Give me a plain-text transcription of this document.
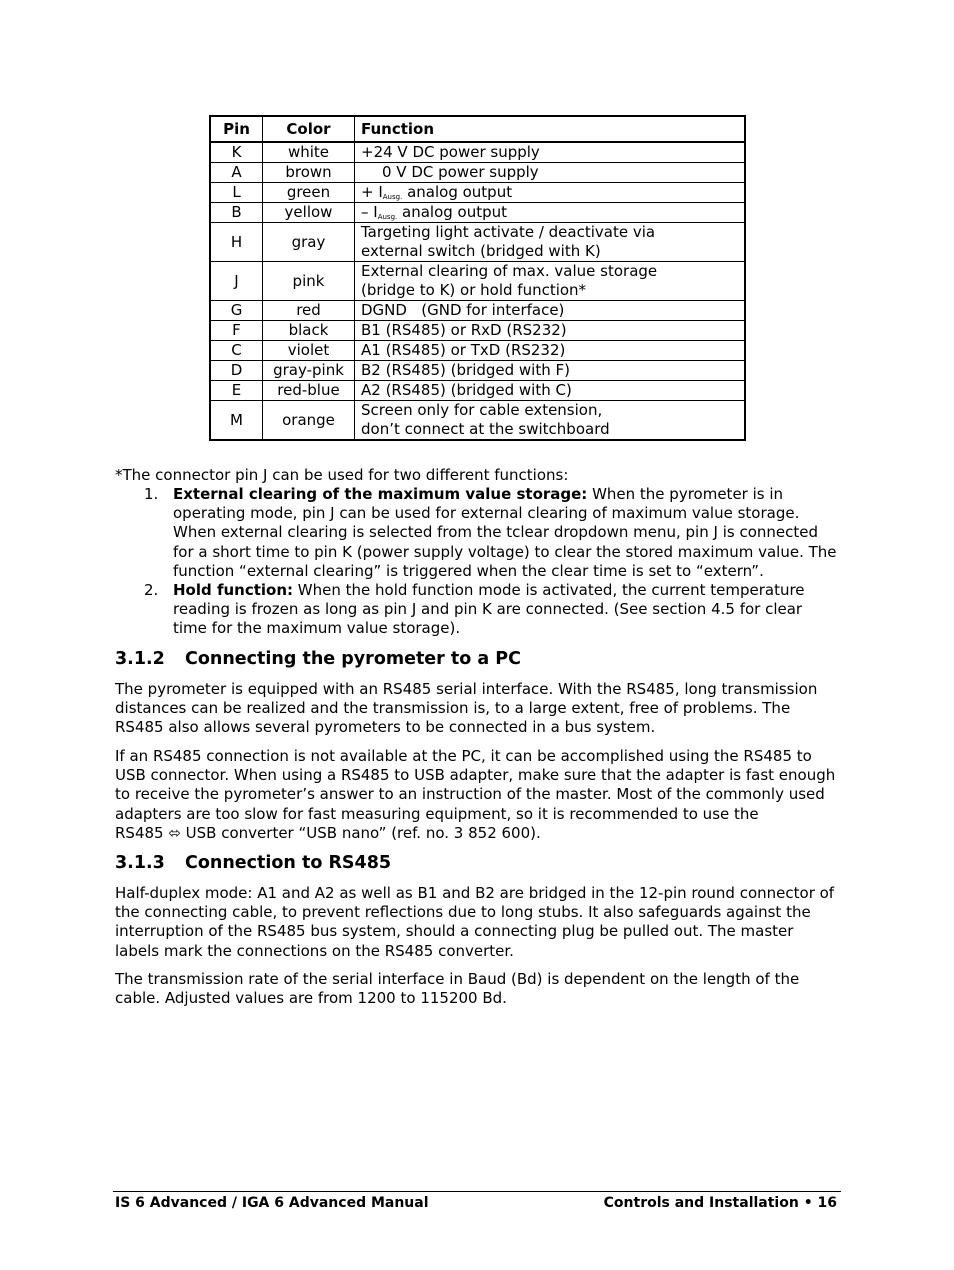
Pin	Color	Function
K	white	+24 V DC power supply
A	brown	0 V DC power supply
L	green	+ $I_{Ausg.}$ analog output
B	yellow	– $I_{Ausg.}$ analog output
H	gray	Targeting light activate / deactivate via
external switch (bridged with K)
J	pink	External clearing of max. value storage
(bridge to K) or hold function*
G	red	DGND   (GND for interface)
F	black	B1 (RS485) or RxD (RS232)
C	violet	A1 (RS485) or TxD (RS232)
D	gray-pink	B2 (RS485) (bridged with F)
E	red-blue	A2 (RS485) (bridged with C)
M	orange	Screen only for cable extension,
don’t connect at the switchboard

*The connector pin J can be used for two different functions:

1. External clearing of the maximum value storage: When the pyrometer is in operating mode, pin J can be used for external clearing of maximum value storage. When external clearing is selected from the tclear dropdown menu, pin J is connected for a short time to pin K (power supply voltage) to clear the stored maximum value. The function “external clearing” is triggered when the clear time is set to “extern”.
2. Hold function: When the hold function mode is activated, the current temperature reading is frozen as long as pin J and pin K are connected. (See section 4.5 for clear time for the maximum value storage).
3.1.2 Connecting the pyrometer to a PC

The pyrometer is equipped with an RS485 serial interface. With the RS485, long transmission distances can be realized and the transmission is, to a large extent, free of problems. The RS485 also allows several pyrometers to be connected in a bus system.

If an RS485 connection is not available at the PC, it can be accomplished using the RS485 to USB connector. When using a RS485 to USB adapter, make sure that the adapter is fast enough to receive the pyrometer’s answer to an instruction of the master. Most of the commonly used adapters are too slow for fast measuring equipment, so it is recommended to use the
RS485 ⬄ USB converter “USB nano” (ref. no. 3 852 600).

3.1.3 Connection to RS485

Half-duplex mode: A1 and A2 as well as B1 and B2 are bridged in the 12-pin round connector of the connecting cable, to prevent reflections due to long stubs. It also safeguards against the interruption of the RS485 bus system, should a connecting plug be pulled out. The master labels mark the connections on the RS485 converter.

The transmission rate of the serial interface in Baud (Bd) is dependent on the length of the cable. Adjusted values are from 1200 to 115200 Bd.

IS 6 Advanced / IGA 6 Advanced Manual	Controls and Installation • 16
